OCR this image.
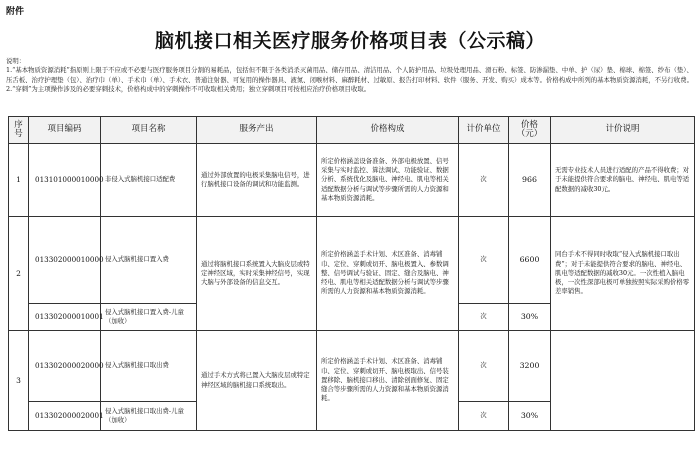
附件
脑机接口相关医疗服务价格项目表（公示稿）
说明：
1.“基本物质资源消耗”指原则上限于不应或不必要与医疗服务项目分割的易耗品，包括但不限于各类消杀灭菌用品、储存用品、清洁用品、个人防护用品、垃圾处理用品、滑石粉、标签、防渗漏垫、中单、护（尿）垫、棉球、棉签、纱布（垫）、压舌板、治疗护理垫（包）、治疗巾（单）、手术巾（单）、手术衣、普通注射器、可复用的操作器具、液氮、闭喉材料、麻醉耗材、过敏原、报告打印材料、软件（服务、开发、购买）成本等。价格构成中所列的基本物质资源消耗，不另行收费。
2.“穿刺”为主项操作涉及的必要穿刺技术，价格构成中的穿刺操作不可收取相关费用；独立穿刺项目可按相应治疗价格项目收取。
序号	项目编码	项目名称	服务产出	价格构成	计价单位	价格（元）	计价说明
1	013101000010000	非侵入式脑机接口适配费	通过外部放置的电极采集脑电信号，进行脑机接口设备的调试和功能监测。	所定价格涵盖设备准备、外部电极放置、信号采集与实时监控、算法调试、功能验证、数据分析、系统优化及脑电、神经电、肌电等相关适配数据分析与调试等步骤所需的人力资源和基本物质资源消耗。	次	966	无需专业技术人员进行适配的产品不得收费；对于未能提供符合要求的脑电、神经电、肌电等适配数据的减收30元。
2	013302000010000	侵入式脑机接口置入费	通过将脑机接口系统置入大脑皮层或特定神经区域，实时采集神经信号，实现大脑与外部设备的信息交互。	所定价格涵盖手术计划、术区准备、消毒铺巾、定位、穿刺或切开、脑电极置入、参数调整、信号调试与验证、固定、缝合及脑电、神经电、肌电等相关适配数据分析与调试等步骤所需的人力资源和基本物质资源消耗。	次	6600	同台手术不得同时收取“侵入式脑机接口取出费”；对于未能提供符合要求的脑电、神经电、肌电等适配数据的减收30元。一次性植入脑电极，一次性深部电极可单独按照实际采购价格零差率销售。
	013302000010001	侵入式脑机接口置入费-儿童（加收）			次	30%	
3	013302000020000	侵入式脑机接口取出费	通过手术方式将已置入大脑皮层或特定神经区域的脑机接口系统取出。	所定价格涵盖手术计划、术区准备、消毒铺巾、定位、穿刺或切开、脑电极取出、信号装置移除、脑机接口移出、清除创面修复、固定缝合等步骤所需的人力资源和基本物质资源消耗。	次	3200	
	013302000020001	侵入式脑机接口取出费-儿童（加收）			次	30%	
